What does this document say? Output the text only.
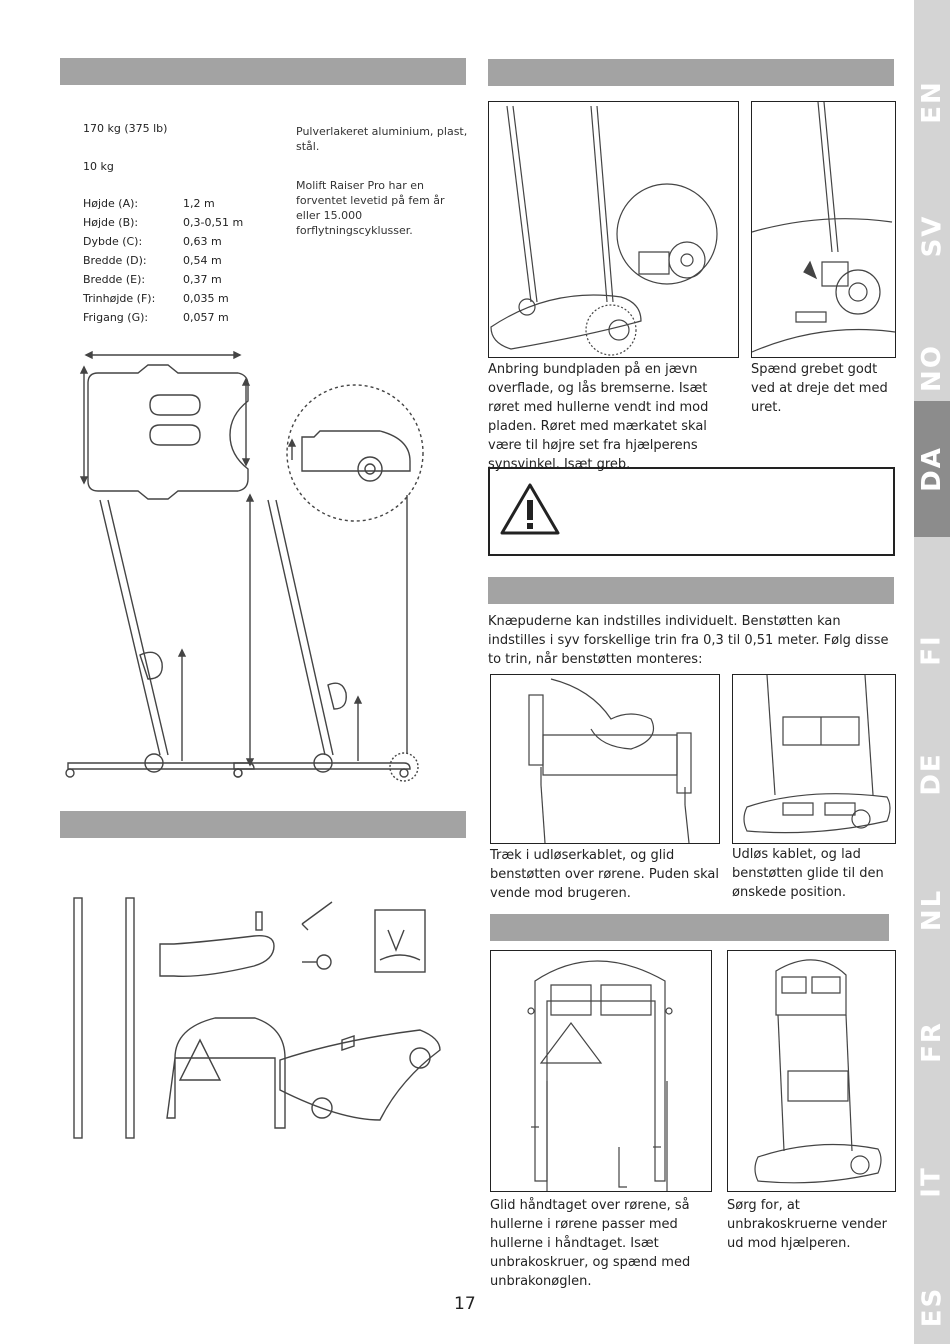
170 kg (375 lb)
10 kg
Højde (A):	1,2 m
Højde (B):	0,3-0,51 m
Dybde (C):	0,63 m
Bredde (D):	0,54 m
Bredde (E):	0,37 m
Trinhøjde (F):	0,035 m
Frigang (G):	0,057 m
Pulverlakeret aluminium, plast, stål.
Molift Raiser Pro har en forventet levetid på fem år eller 15.000 forflytningscyklusser.
Anbring bundpladen på en jævn overflade, og lås bremserne. Isæt røret med hullerne vendt ind mod pladen. Røret med mærkatet skal være til højre set fra hjælperens synsvinkel. Isæt greb.
Spænd grebet godt ved at dreje det med uret.
Knæpuderne kan indstilles individuelt. Benstøtten kan indstilles i syv forskellige trin fra 0,3 til 0,51 meter. Følg disse to trin, når benstøtten monteres:
Træk i udløserkablet, og glid benstøtten over rørene. Puden skal vende mod brugeren.
Udløs kablet, og lad benstøtten glide til den ønskede position.
Glid håndtaget over rørene, så hullerne i rørene passer med hullerne i håndtaget. Isæt unbrakoskruer, og spænd med unbrakonøglen.
Sørg for, at unbrakoskruerne vender ud mod hjælperen.
EN
SV
NO
DA
FI
DE
NL
FR
IT
ES
17
